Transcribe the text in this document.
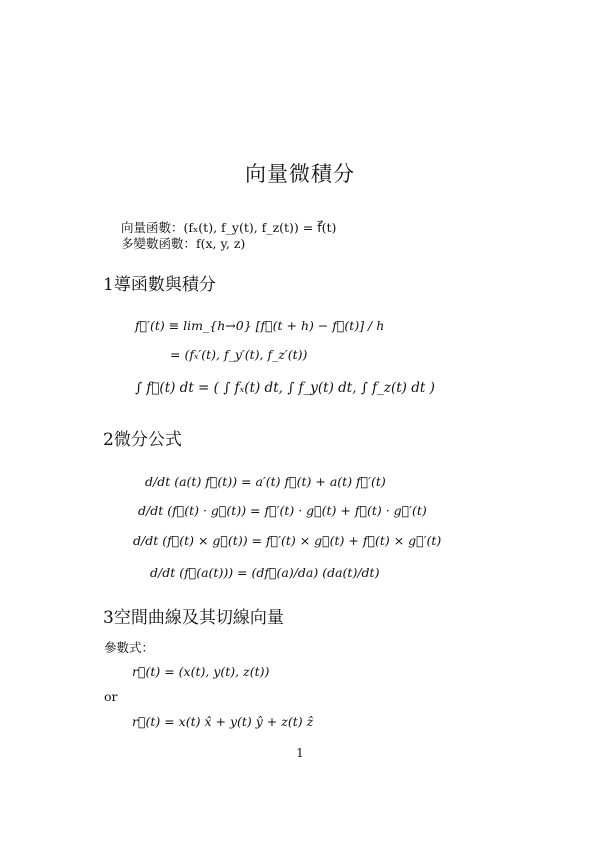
向量微積分
向量函數：(fₓ(t), f_y(t), f_z(t)) = f⃗(t)
多變數函數：f(x, y, z)
1導函數與積分
f⃗′(t) ≡ lim_{h→0} [f⃗(t + h) − f⃗(t)] / h
= (fₓ′(t), f_y′(t), f_z′(t))
∫ f⃗(t) dt = ( ∫ fₓ(t) dt, ∫ f_y(t) dt, ∫ f_z(t) dt )
2微分公式
d/dt (a(t) f⃗(t)) = a′(t) f⃗(t) + a(t) f⃗′(t)
d/dt (f⃗(t) · g⃗(t)) = f⃗′(t) · g⃗(t) + f⃗(t) · g⃗′(t)
d/dt (f⃗(t) × g⃗(t)) = f⃗′(t) × g⃗(t) + f⃗(t) × g⃗′(t)
d/dt (f⃗(a(t))) = (df⃗(a)/da) (da(t)/dt)
3空間曲線及其切線向量
參數式：
r⃗(t) = (x(t), y(t), z(t))
or
r⃗(t) = x(t) x̂ + y(t) ŷ + z(t) ẑ
1
